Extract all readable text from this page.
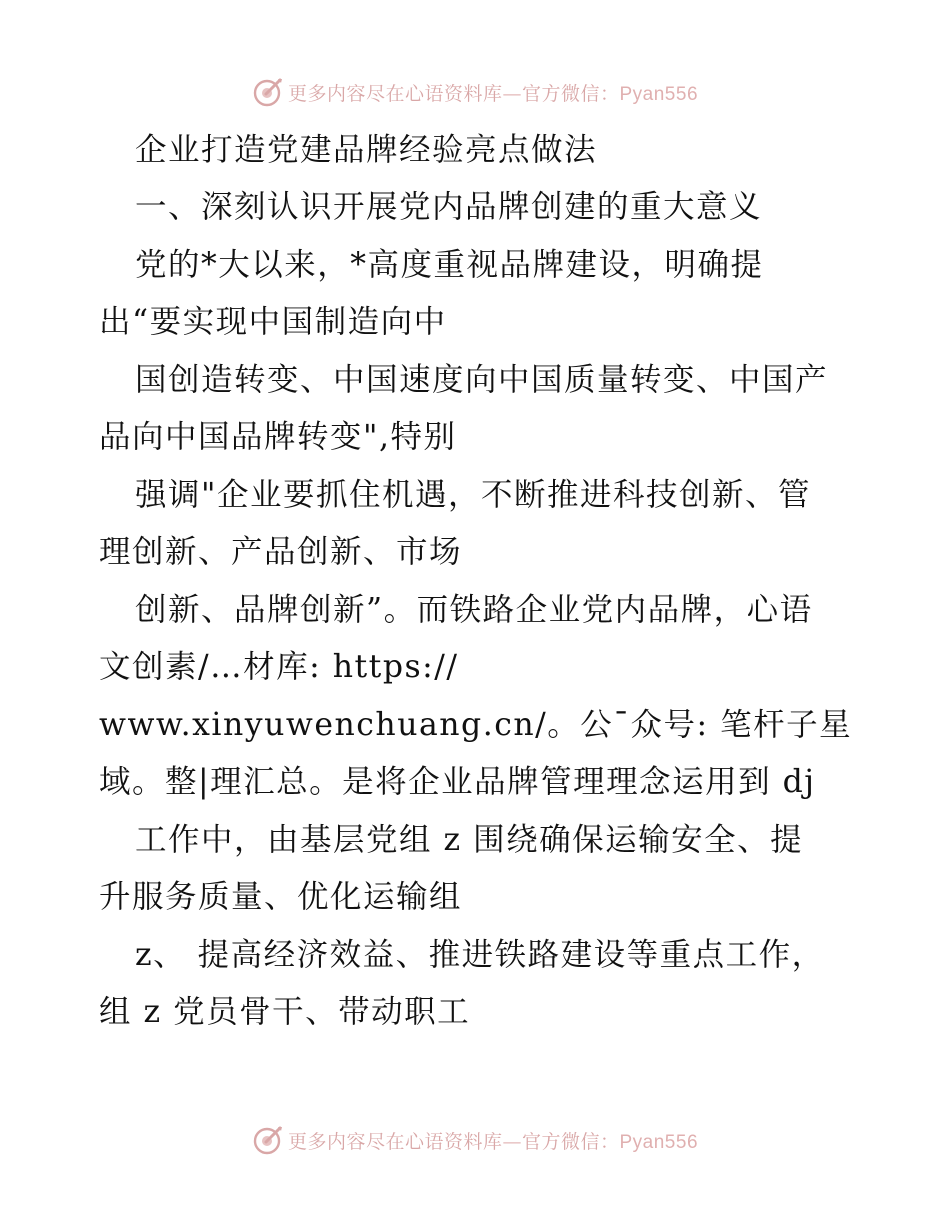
更多内容尽在心语资料库—官方微信：Pyan556
企业打造党建品牌经验亮点做法
一、深刻认识开展党内品牌创建的重大意义
党的*大以来，*高度重视品牌建设，明确提
出“要实现中国制造向中
国创造转变、中国速度向中国质量转变、中国产
品向中国品牌转变",特别
强调"企业要抓住机遇，不断推进科技创新、管
理创新、产品创新、市场
创新、品牌创新”。而铁路企业党内品牌，心语
文创素/…材库: https://
www.xinyuwenchuang.cn/。公¯众号: 笔杆子星
域。整|理汇总。是将企业品牌管理理念运用到 dj
工作中，由基层党组 z 围绕确保运输安全、提
升服务质量、优化运输组
z、 提高经济效益、推进铁路建设等重点工作，
组 z 党员骨干、带动职工
更多内容尽在心语资料库—官方微信：Pyan556
